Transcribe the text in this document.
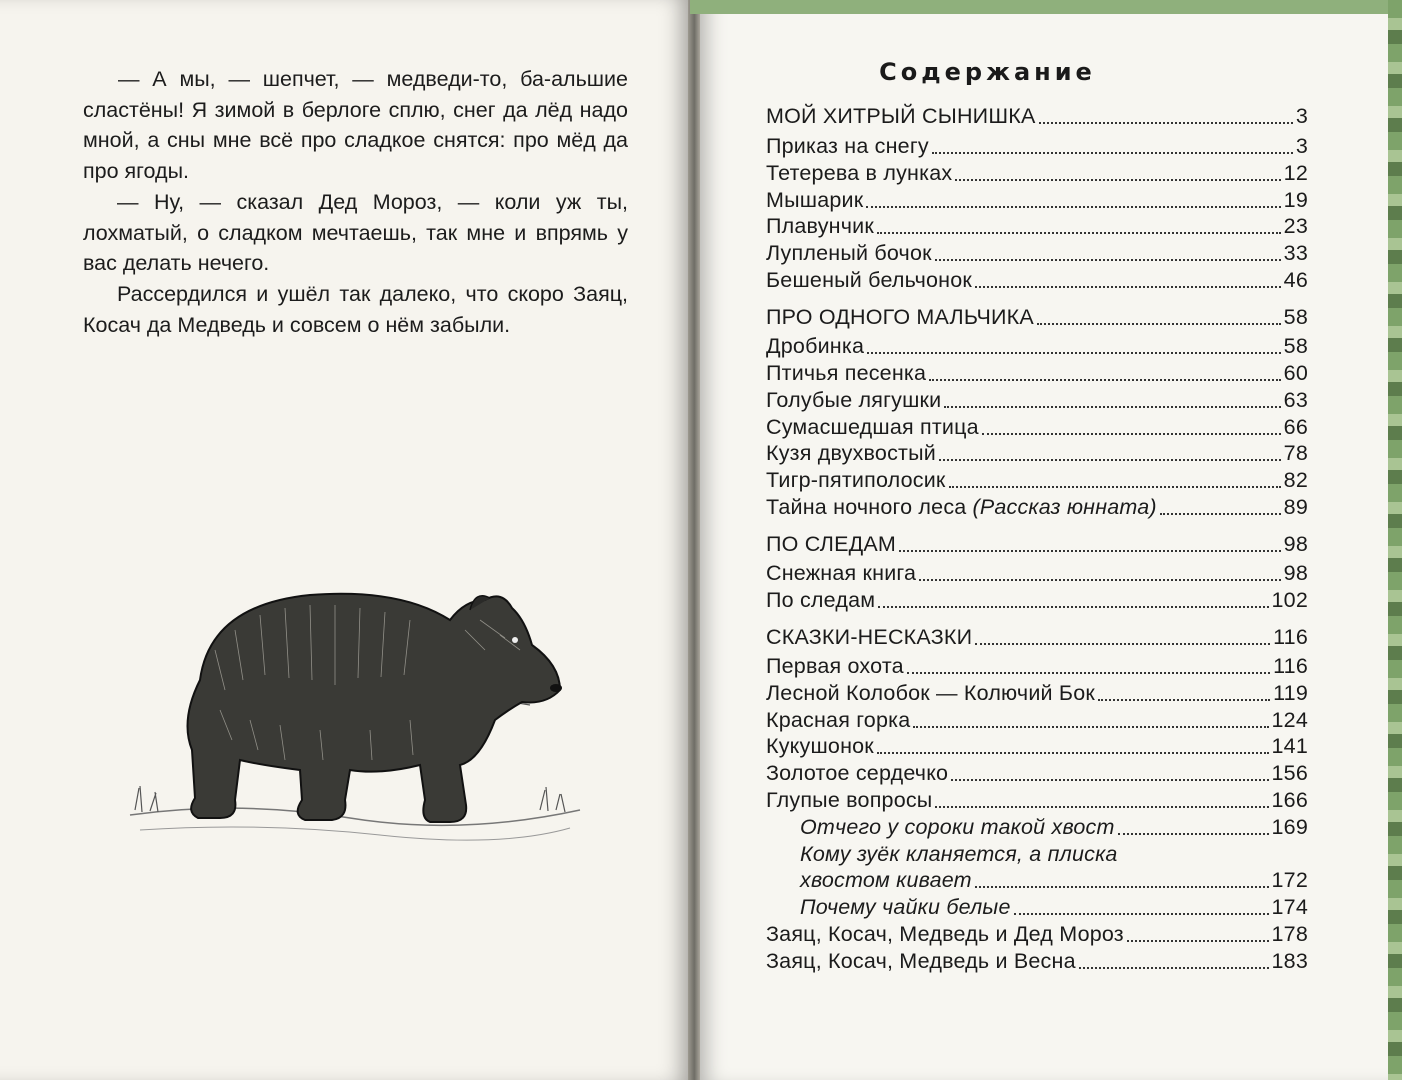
— А мы, — шепчет, — медведи-то, ба-альшие сластёны! Я зимой в берлоге сплю, снег да лёд надо мной, а сны мне всё про сладкое снятся: про мёд да про ягоды.

— Ну, — сказал Дед Мороз, — коли уж ты, лохматый, о сладком мечтаешь, так мне и впрямь у вас делать нечего.

Рассердился и ушёл так далеко, что скоро Заяц, Косач да Медведь и совсем о нём забыли.

Содержание
МОЙ ХИТРЫЙ СЫНИШКА	3
Приказ на снегу	3
Тетерева в лунках	12
Мышарик	19
Плавунчик	23
Лупленый бочок	33
Бешеный бельчонок	46
ПРО ОДНОГО МАЛЬЧИКА	58
Дробинка	58
Птичья песенка	60
Голубые лягушки	63
Сумасшедшая птица	66
Кузя двухвостый	78
Тигр-пятиполосик	82
Тайна ночного леса (Рассказ юнната)	89
ПО СЛЕДАМ	98
Снежная книга	98
По следам	102
СКАЗКИ-НЕСКАЗКИ	116
Первая охота	116
Лесной Колобок — Колючий Бок	119
Красная горка	124
Кукушонок	141
Золотое сердечко	156
Глупые вопросы	166
Отчего у сороки такой хвост	169
Кому зуёк кланяется, а плиска
хвостом кивает	172
Почему чайки белые	174
Заяц, Косач, Медведь и Дед Мороз	178
Заяц, Косач, Медведь и Весна	183
